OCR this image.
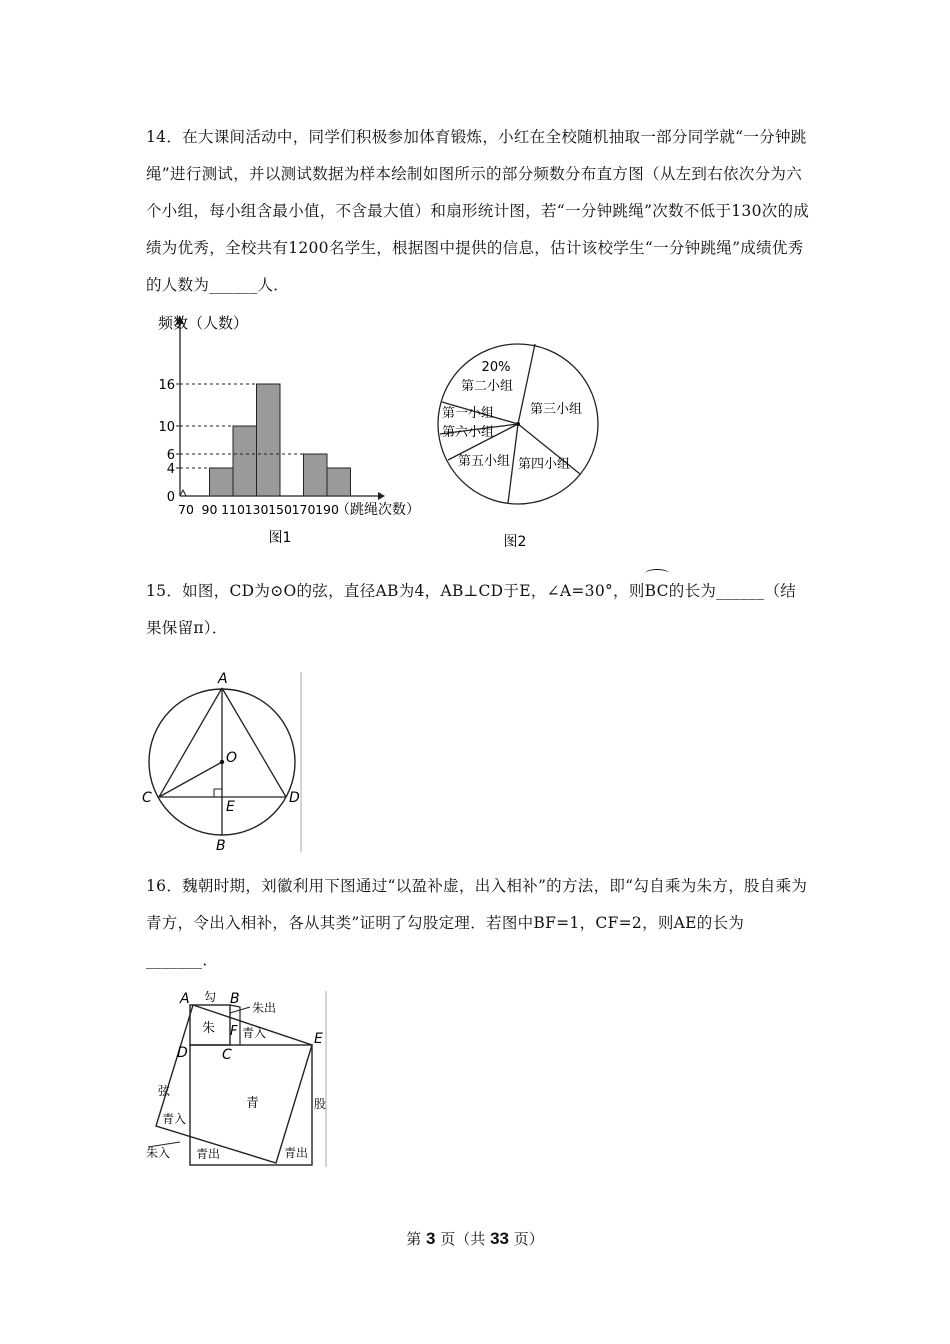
14．在大课间活动中，同学们积极参加体育锻炼，小红在全校随机抽取一部分同学就“一分钟跳绳”进行测试，并以测试数据为样本绘制如图所示的部分频数分布直方图（从左到右依次分为六个小组，每小组含最小值，不含最大值）和扇形统计图，若“一分钟跳绳”次数不低于130次的成绩为优秀，全校共有1200名学生，根据图中提供的信息，估计该校学生“一分钟跳绳”成绩优秀的人数为______人．
0
4
6
10
16
70 90 110 130 150 170 190
频数（人数）
（跳绳次数）
图1
20%
第二小组
第三小组
第一小组
第六小组
第五小组 第四小组
图2
15．如图，CD为⊙O的弦，直径AB为4，AB⊥CD于E，∠A=30°，则BC的长为______（结果保留π）．
A
O
C	D
E
B
16．魏朝时期，刘徽利用下图通过“以盈补虚，出入相补”的方法，即“勾自乘为朱方，股自乘为青方，令出入相补，各从其类”证明了勾股定理．若图中BF=1，CF=2，则AE的长为_______．
A 勾 B
朱出
朱 F 青入	E
D C
弦
青	股
青入
朱入 青出	青出
第 3 页（共 33 页）
